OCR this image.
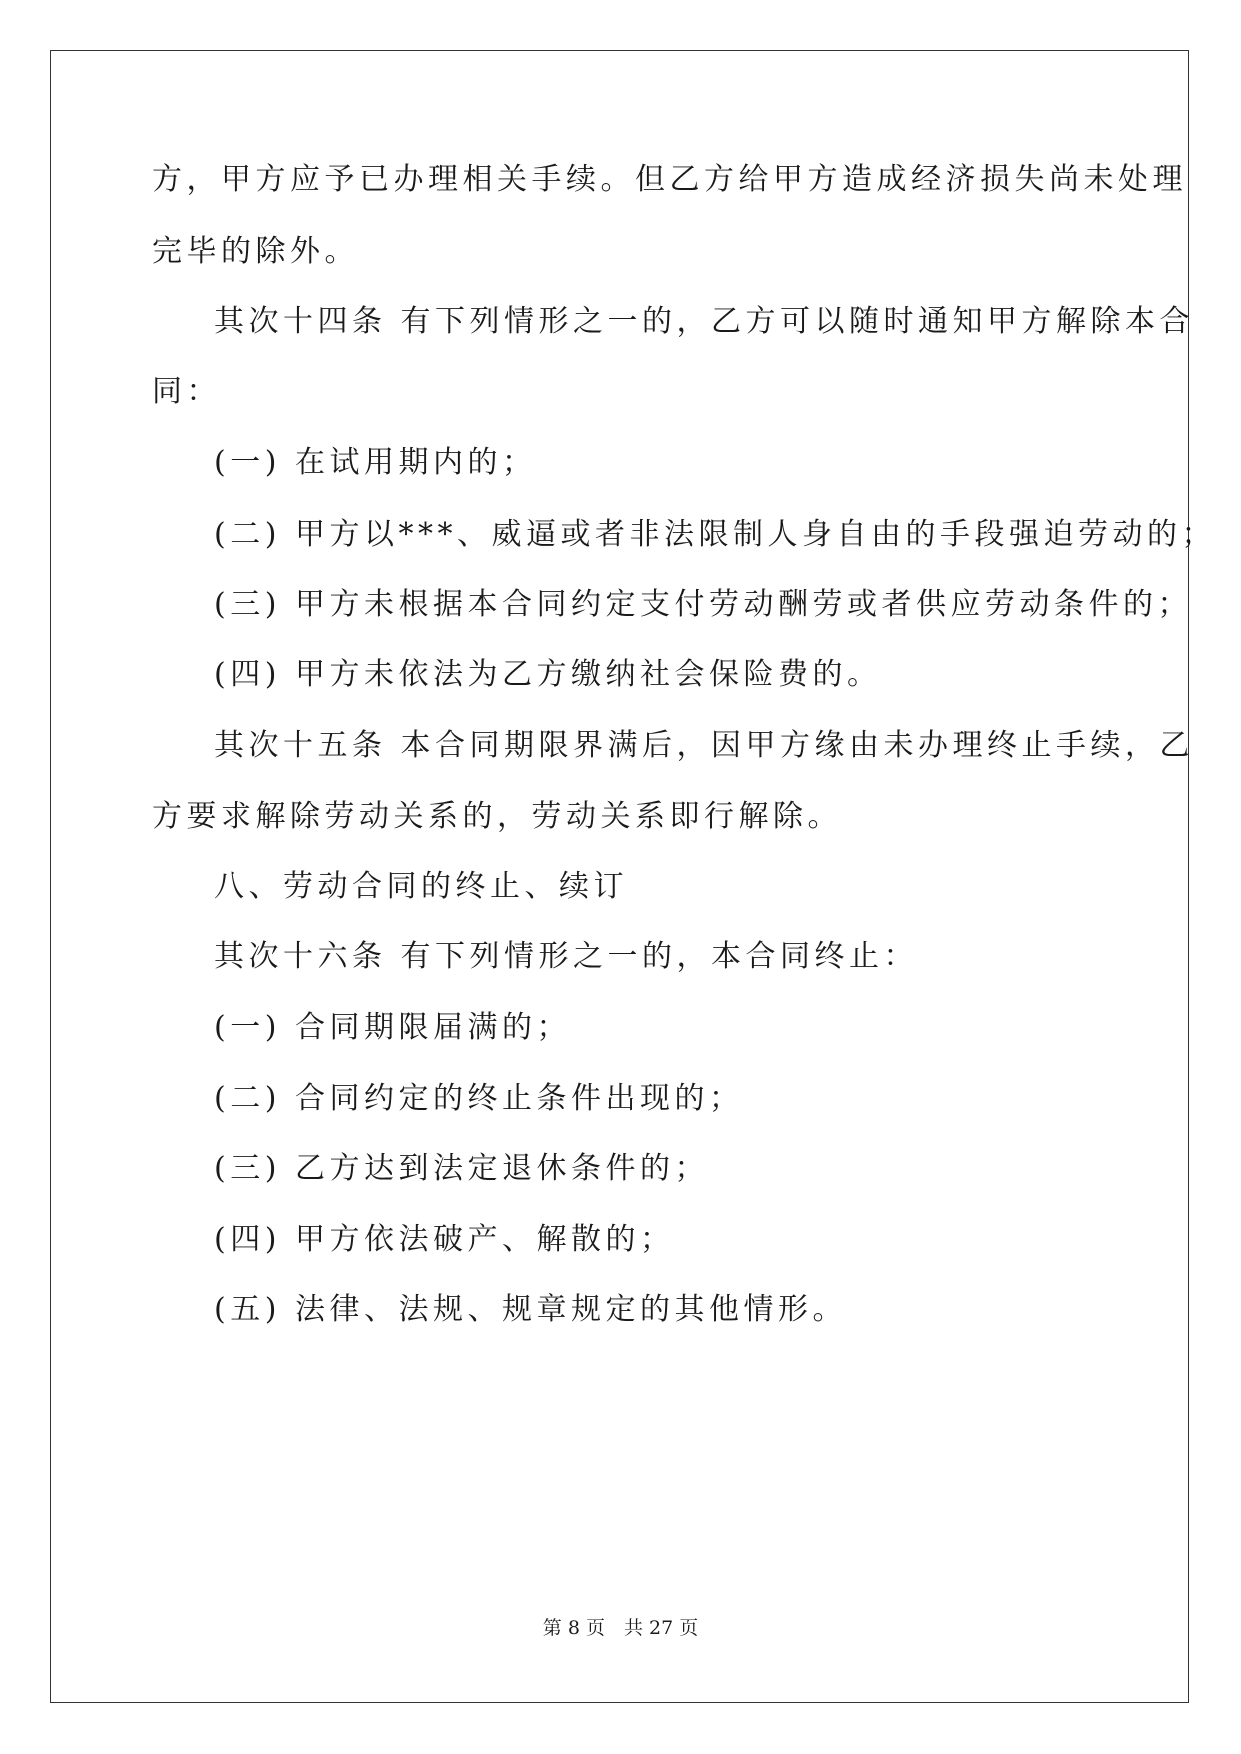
方，甲方应予已办理相关手续。但乙方给甲方造成经济损失尚未处理
完毕的除外。
其次十四条 有下列情形之一的，乙方可以随时通知甲方解除本合
同：
(一) 在试用期内的；
(二) 甲方以***、威逼或者非法限制人身自由的手段强迫劳动的；
(三) 甲方未根据本合同约定支付劳动酬劳或者供应劳动条件的；
(四) 甲方未依法为乙方缴纳社会保险费的。
其次十五条 本合同期限界满后，因甲方缘由未办理终止手续，乙
方要求解除劳动关系的，劳动关系即行解除。
八、劳动合同的终止、续订
其次十六条 有下列情形之一的，本合同终止：
(一) 合同期限届满的；
(二) 合同约定的终止条件出现的；
(三) 乙方达到法定退休条件的；
(四) 甲方依法破产、解散的；
(五) 法律、法规、规章规定的其他情形。
第 8 页　共 27 页
